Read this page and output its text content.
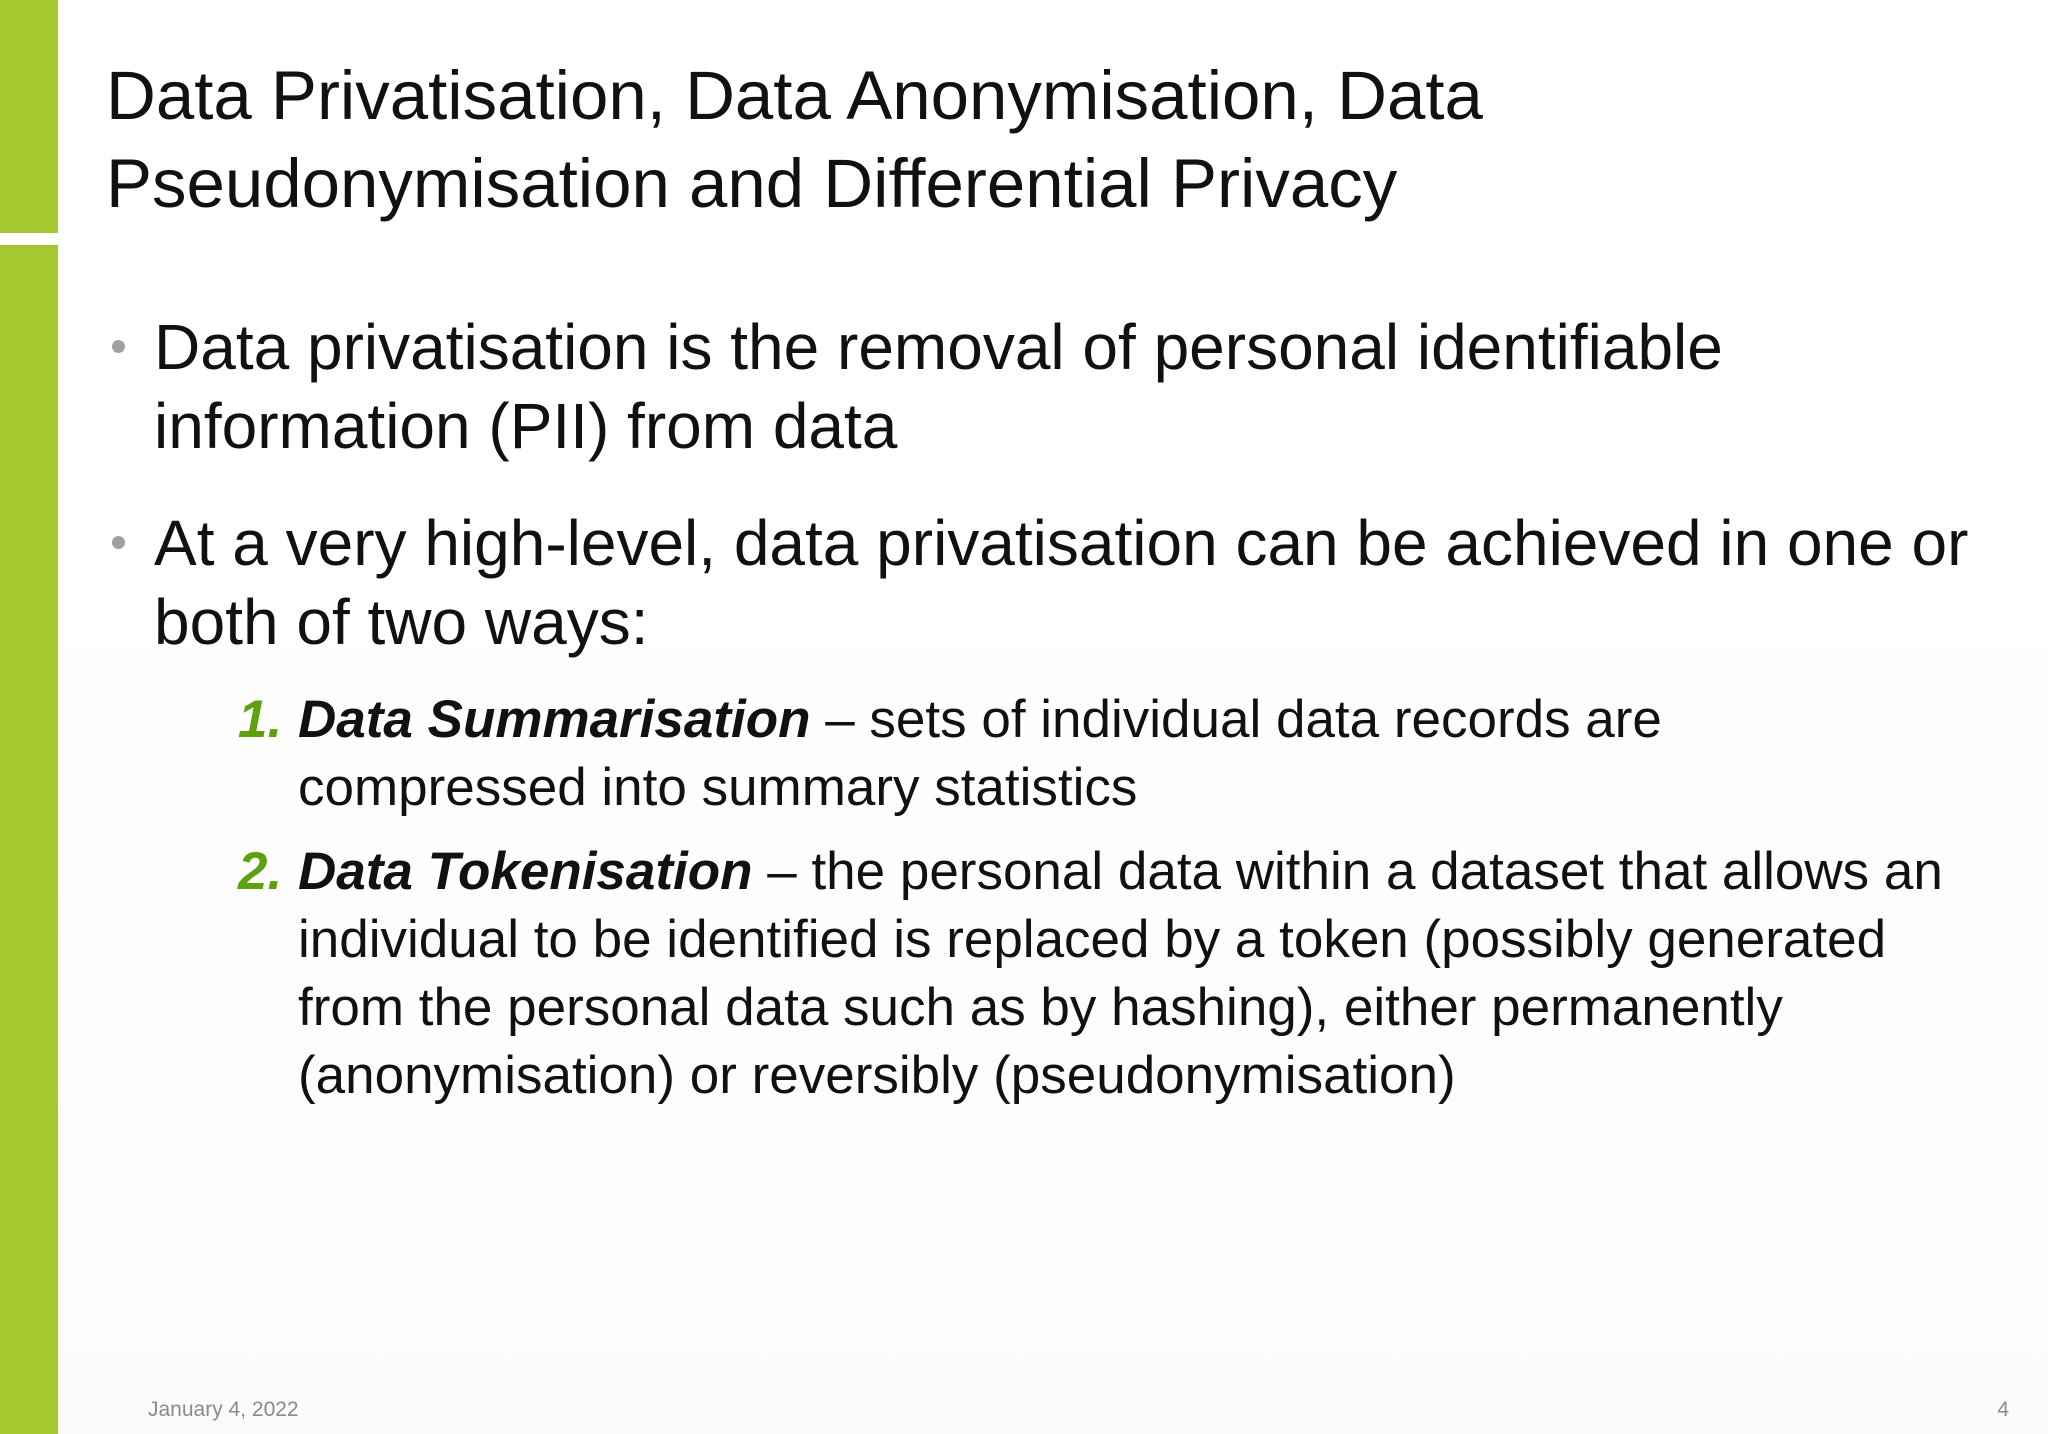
Data Privatisation, Data Anonymisation, Data Pseudonymisation and Differential Privacy
Data privatisation is the removal of personal identifiable information (PII) from data
At a very high-level, data privatisation can be achieved in one or both of two ways:
1. Data Summarisation – sets of individual data records are compressed into summary statistics
2. Data Tokenisation – the personal data within a dataset that allows an individual to be identified is replaced by a token (possibly generated from the personal data such as by hashing), either permanently (anonymisation) or reversibly (pseudonymisation)
January 4, 2022	4
